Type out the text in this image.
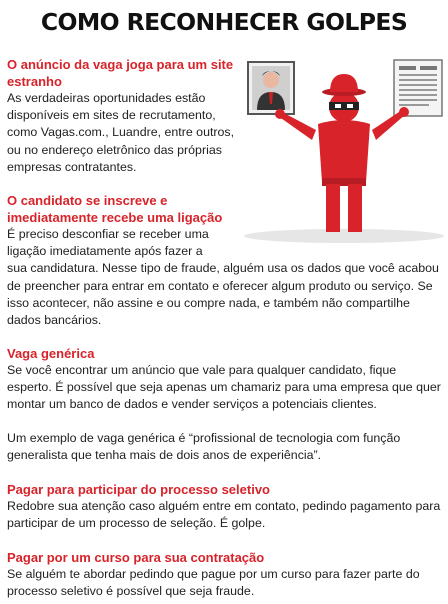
COMO RECONHECER GOLPES

O anúncio da vaga joga para um site estranho

As verdadeiras oportunidades estão disponíveis em sites de recrutamento, como Vagas.com., Luandre, entre outros, ou no endereço eletrônico das próprias empresas contratantes.

O candidato se inscreve e imediatamente recebe uma ligação

É preciso desconfiar se receber uma ligação imediatamente após fazer a

sua candidatura. Nesse tipo de fraude, alguém usa os dados que você acabou de preencher para entrar em contato e oferecer algum produto ou serviço. Se isso acontecer, não assine e ou compre nada, e também não compartilhe dados bancários.

Vaga genérica

Se você encontrar um anúncio que vale para qualquer candidato, fique esperto. É possível que seja apenas um chamariz para uma empresa que quer montar um banco de dados e vender serviços a potenciais clientes.

Um exemplo de vaga genérica é “profissional de tecnologia com função generalista que tenha mais de dois anos de experiência”.

Pagar para participar do processo seletivo

Redobre sua atenção caso alguém entre em contato, pedindo pagamento para participar de um processo de seleção. É golpe.

Pagar por um curso para sua contratação

Se alguém te abordar pedindo que pague por um curso para fazer parte do processo seletivo é possível que seja fraude.
